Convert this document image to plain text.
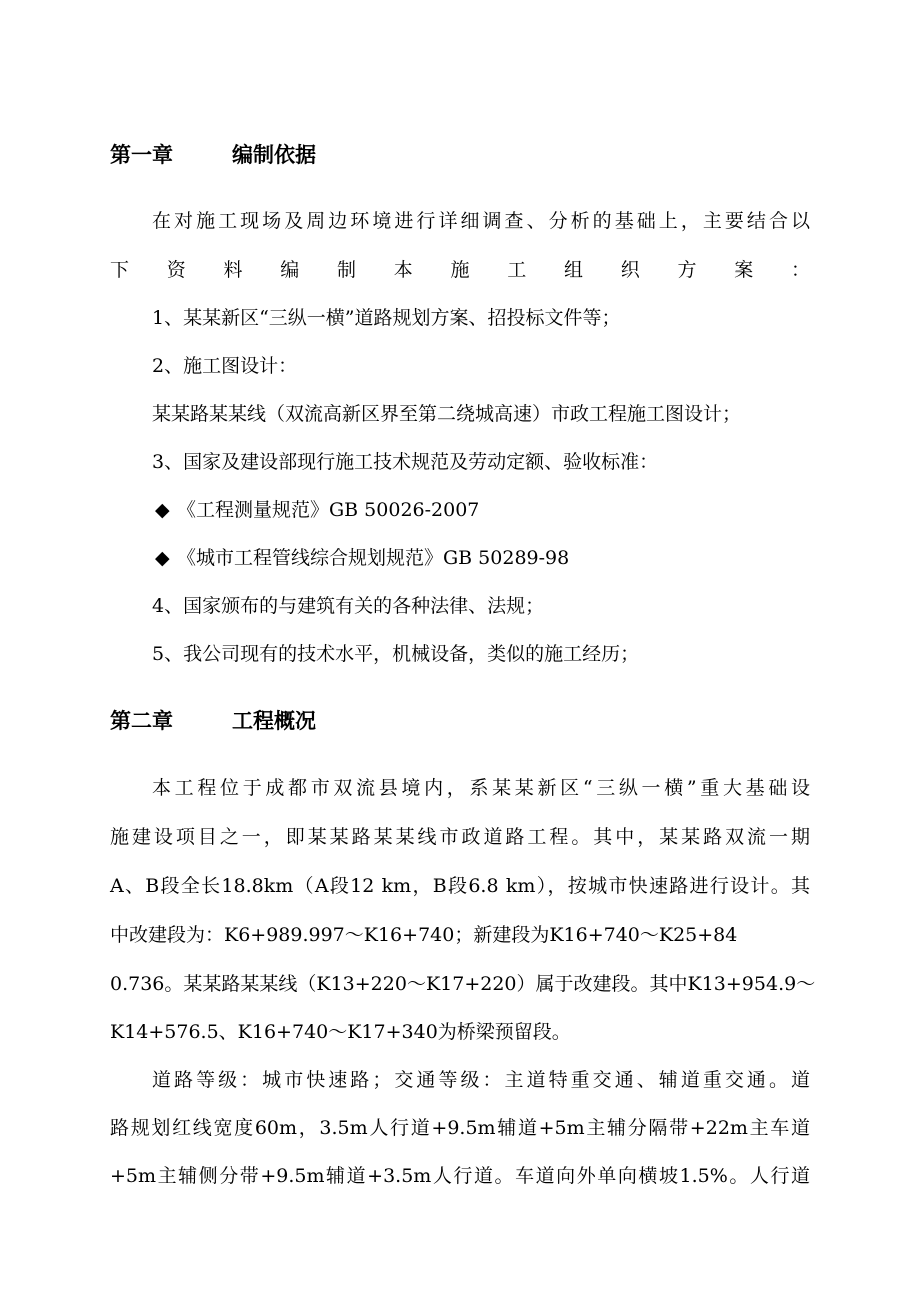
第一章	编制依据
在对施工现场及周边环境进行详细调查、分析的基础上，主要结合以
下资料编制本施工组织方案：
1、某某新区“三纵一横”道路规划方案、招投标文件等；
2、施工图设计：
某某路某某线（双流高新区界至第二绕城高速）市政工程施工图设计；
3、国家及建设部现行施工技术规范及劳动定额、验收标准：
◆ 《工程测量规范》GB 50026-2007
◆ 《城市工程管线综合规划规范》GB 50289-98
4、国家颁布的与建筑有关的各种法律、法规；
5、我公司现有的技术水平，机械设备，类似的施工经历；
第二章	工程概况
本工程位于成都市双流县境内，系某某新区“三纵一横”重大基础设
施建设项目之一，即某某路某某线市政道路工程。其中，某某路双流一期
A、B段全长18.8km（A段12 km，B段6.8 km），按城市快速路进行设计。其
中改建段为：K6+989.997～K16+740；新建段为K16+740～K25+84
0.736。某某路某某线（K13+220～K17+220）属于改建段。其中K13+954.9～
K14+576.5、K16+740～K17+340为桥梁预留段。
道路等级：城市快速路；交通等级：主道特重交通、辅道重交通。道
路规划红线宽度60m，3.5m人行道+9.5m辅道+5m主辅分隔带+22m主车道
+5m主辅侧分带+9.5m辅道+3.5m人行道。车道向外单向横坡1.5%。人行道
